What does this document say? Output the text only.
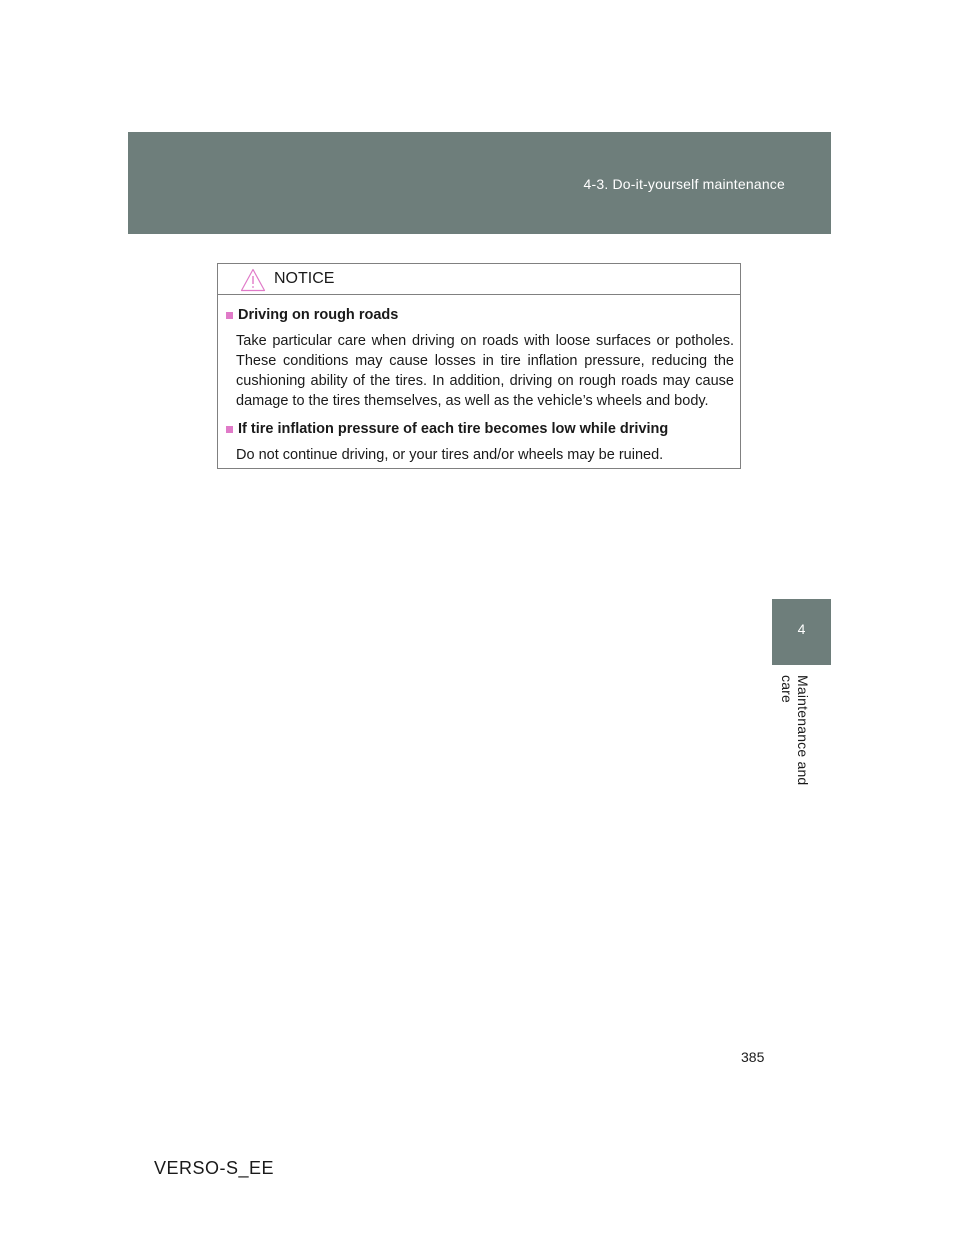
4-3. Do-it-yourself maintenance
4
Maintenance and care
NOTICE
Driving on rough roads
Take particular care when driving on roads with loose surfaces or potholes. These conditions may cause losses in tire inflation pressure, reducing the cushioning ability of the tires. In addition, driving on rough roads may cause damage to the tires themselves, as well as the vehicle’s wheels and body.
If tire inflation pressure of each tire becomes low while driving
Do not continue driving, or your tires and/or wheels may be ruined.
385
VERSO-S_EE
